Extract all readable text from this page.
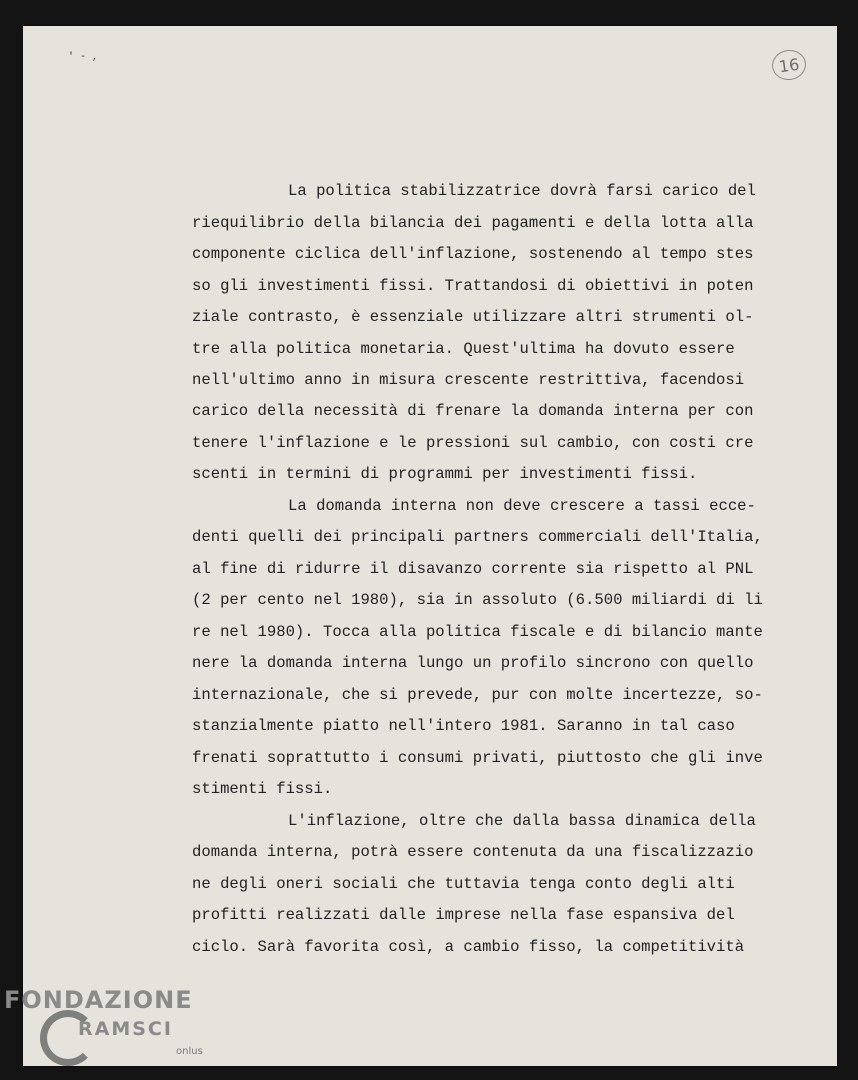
' - ,	16
La politica stabilizzatrice dovrà farsi carico del
riequilibrio della bilancia dei pagamenti e della lotta alla
componente ciclica dell'inflazione, sostenendo al tempo stes
so gli investimenti fissi. Trattandosi di obiettivi in poten
ziale contrasto, è essenziale utilizzare altri strumenti ol-
tre alla politica monetaria. Quest'ultima ha dovuto essere
nell'ultimo anno in misura crescente restrittiva, facendosi
carico della necessità di frenare la domanda interna per con
tenere l'inflazione e le pressioni sul cambio, con costi cre
scenti in termini di programmi per investimenti fissi.
La domanda interna non deve crescere a tassi ecce-
denti quelli dei principali partners commerciali dell'Italia,
al fine di ridurre il disavanzo corrente sia rispetto al PNL
(2 per cento nel 1980), sia in assoluto (6.500 miliardi di li
re nel 1980). Tocca alla politica fiscale e di bilancio mante
nere la domanda interna lungo un profilo sincrono con quello
internazionale, che si prevede, pur con molte incertezze, so-
stanzialmente piatto nell'intero 1981. Saranno in tal caso
frenati soprattutto i consumi privati, piuttosto che gli inve
stimenti fissi.
L'inflazione, oltre che dalla bassa dinamica della
domanda interna, potrà essere contenuta da una fiscalizzazio
ne degli oneri sociali che tuttavia tenga conto degli alti
profitti realizzati dalle imprese nella fase espansiva del
ciclo. Sarà favorita così, a cambio fisso, la competitività
FONDAZIONE
RAMSCI
onlus
